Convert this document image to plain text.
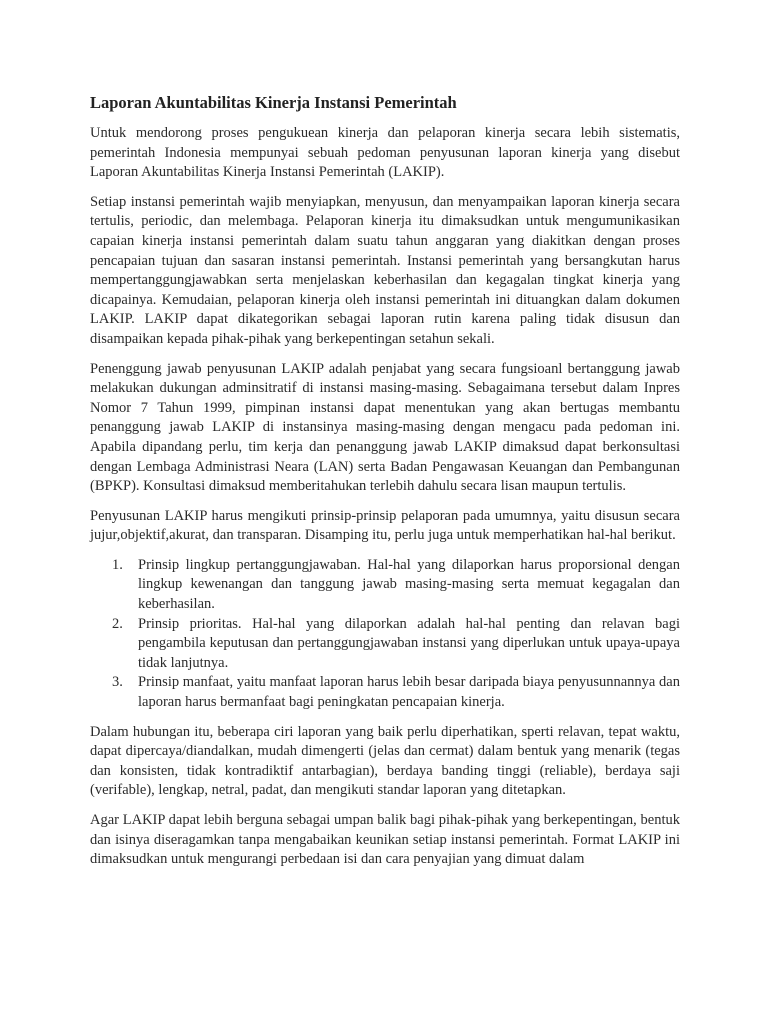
Laporan Akuntabilitas Kinerja Instansi Pemerintah

Untuk mendorong proses pengukuean kinerja dan pelaporan kinerja secara lebih sistematis, pemerintah Indonesia mempunyai sebuah pedoman penyusunan laporan kinerja yang disebut Laporan Akuntabilitas Kinerja Instansi Pemerintah (LAKIP).

Setiap instansi pemerintah wajib menyiapkan, menyusun, dan menyampaikan laporan kinerja secara tertulis, periodic, dan melembaga. Pelaporan kinerja itu dimaksudkan untuk mengumunikasikan capaian kinerja instansi pemerintah dalam suatu tahun anggaran yang diakitkan dengan proses pencapaian tujuan dan sasaran instansi pemerintah. Instansi pemerintah yang bersangkutan harus mempertanggungjawabkan serta menjelaskan keberhasilan dan kegagalan tingkat kinerja yang dicapainya. Kemudaian, pelaporan kinerja oleh instansi pemerintah ini dituangkan dalam dokumen LAKIP. LAKIP dapat dikategorikan sebagai laporan rutin karena paling tidak disusun dan disampaikan kepada pihak-pihak yang berkepentingan setahun sekali.

Penenggung jawab penyusunan LAKIP adalah penjabat yang secara fungsioanl bertanggung jawab melakukan dukungan adminsitratif di instansi masing-masing. Sebagaimana tersebut dalam Inpres Nomor 7 Tahun 1999, pimpinan instansi dapat menentukan yang akan bertugas membantu penanggung jawab LAKIP di instansinya masing-masing dengan mengacu pada pedoman ini. Apabila dipandang perlu, tim kerja dan penanggung jawab LAKIP dimaksud dapat berkonsultasi dengan Lembaga Administrasi Neara (LAN) serta Badan Pengawasan Keuangan dan Pembangunan (BPKP). Konsultasi dimaksud memberitahukan terlebih dahulu secara lisan maupun tertulis.

Penyusunan LAKIP harus mengikuti prinsip-prinsip pelaporan pada umumnya, yaitu disusun secara jujur,objektif,akurat, dan transparan. Disamping itu, perlu juga untuk memperhatikan hal-hal berikut.

1.	Prinsip lingkup pertanggungjawaban. Hal-hal yang dilaporkan harus proporsional dengan lingkup kewenangan dan tanggung jawab masing-masing serta memuat kegagalan dan keberhasilan.
2.	Prinsip prioritas. Hal-hal yang dilaporkan adalah hal-hal penting dan relavan bagi pengambila keputusan dan pertanggungjawaban instansi yang diperlukan untuk upaya-upaya tidak lanjutnya.
3.	Prinsip manfaat, yaitu manfaat laporan harus lebih besar daripada biaya penyusunnannya dan laporan harus bermanfaat bagi peningkatan pencapaian kinerja.

Dalam hubungan itu, beberapa ciri laporan yang baik perlu diperhatikan, sperti relavan, tepat waktu, dapat dipercaya/diandalkan, mudah dimengerti (jelas dan cermat) dalam bentuk yang menarik (tegas dan konsisten, tidak kontradiktif antarbagian), berdaya banding tinggi (reliable), berdaya saji (verifable), lengkap, netral, padat, dan mengikuti standar laporan yang ditetapkan.

Agar LAKIP dapat lebih berguna sebagai umpan balik bagi pihak-pihak yang berkepentingan, bentuk dan isinya diseragamkan tanpa mengabaikan keunikan setiap instansi pemerintah. Format LAKIP ini dimaksudkan untuk mengurangi perbedaan isi dan cara penyajian yang dimuat dalam
